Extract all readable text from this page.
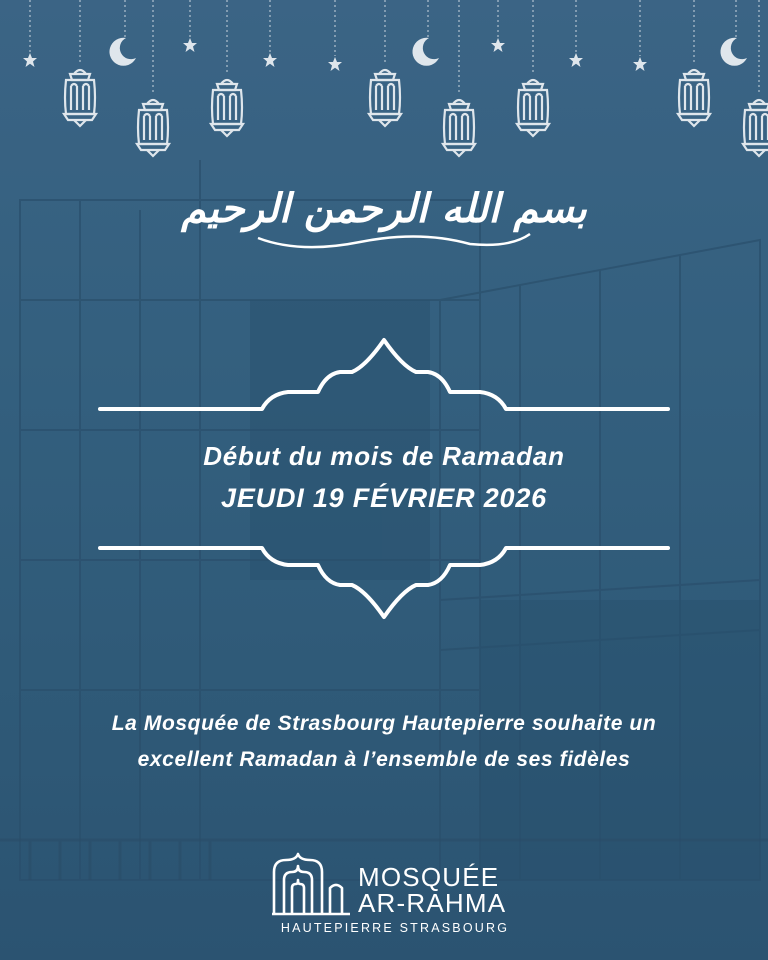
بسم الله الرحمن الرحيم
Début du mois de Ramadan
JEUDI 19 FÉVRIER 2026
La Mosquée de Strasbourg Hautepierre souhaite un
excellent Ramadan à l’ensemble de ses fidèles
MOSQUÉE
AR-RAHMA
HAUTEPIERRE STRASBOURG
